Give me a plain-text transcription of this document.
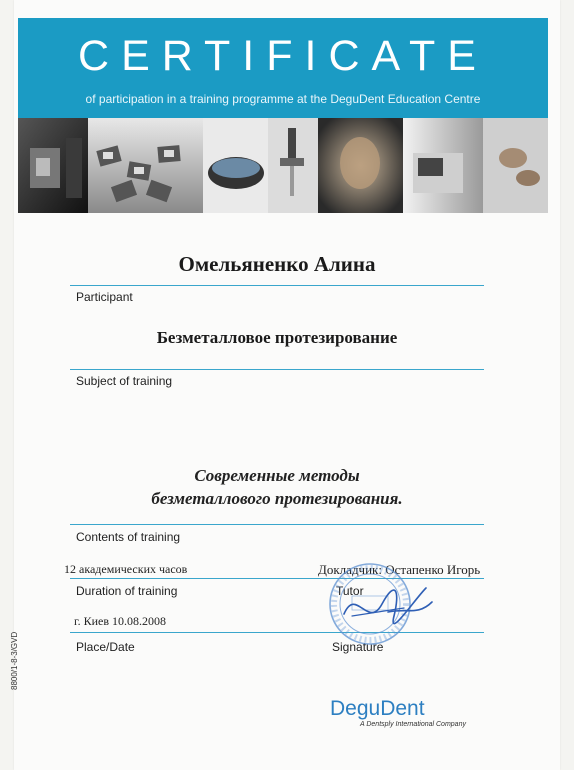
CERTIFICATE
of participation in a training programme at the DeguDent Education Centre
Омельяненко Алина
Participant
Безметалловое протезирование
Subject of training
Современные методы
безметаллового протезирования.
Contents of training
12 академических часов	Докладчик: Остапенко Игорь
Duration of training	Tutor
г. Киев 10.08.2008
Place/Date	Signature
8800/1-8-3/GVD
DeguDent
A Dentsply International Company
